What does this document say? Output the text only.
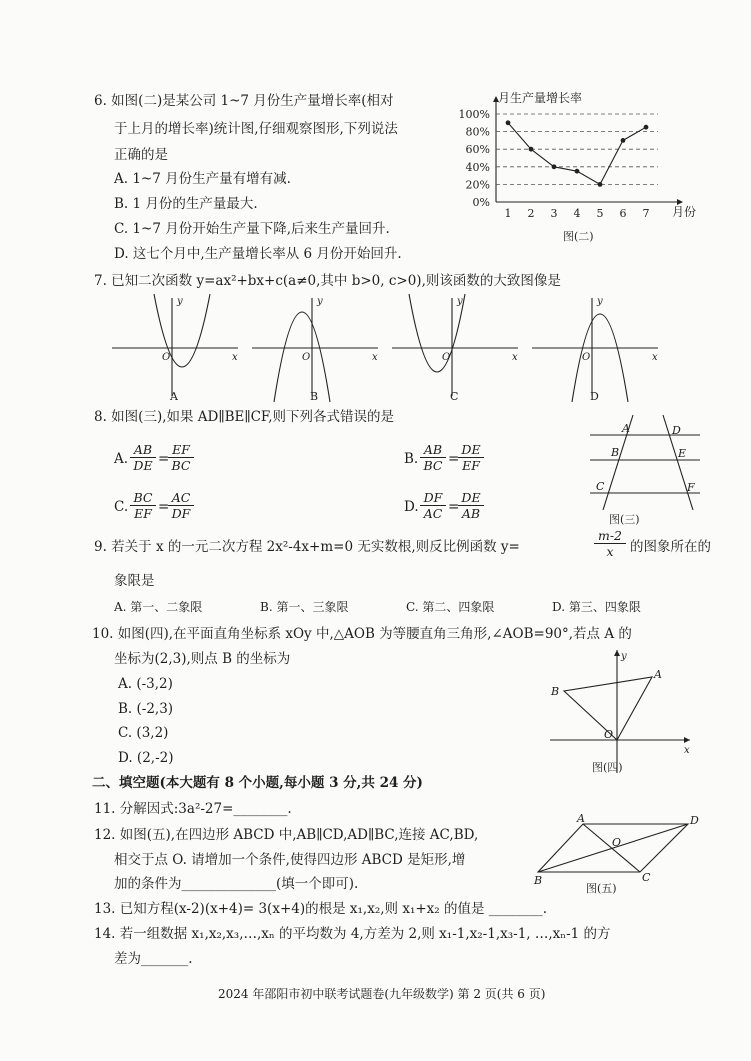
6. 如图(二)是某公司 1~7 月份生产量增长率(相对
于上月的增长率)统计图,仔细观察图形,下列说法
正确的是
A. 1~7 月份生产量有增有减.
B. 1 月份的生产量最大.
C. 1~7 月份开始生产量下降,后来生产量回升.
D. 这七个月中,生产量增长率从 6 月份开始回升.
月生产量增长率
月份
图(二)
0%
20%
40%
60%
80%
100%
1 2 3 4 5 6 7
7. 已知二次函数 y=ax²+bx+c(a≠0,其中 b>0, c>0),则该函数的大致图像是
y
x
O
A
y
x
O
B
y
x
O
C
y
x
O
D
8. 如图(三),如果 AD∥BE∥CF,则下列各式错误的是
A. $\frac{AB}{DE}$ =
$\frac{EF}{BC}$	B. $\frac{AB}{BC}$ =
$\frac{DE}{EF}$
C. $\frac{BC}{EF}$ =
$\frac{AC}{DF}$	D. $\frac{DF}{AC}$ =
$\frac{DE}{AB}$
A	D
B	E
C	F
图(三)
9. 若关于 x 的一元二次方程 2x²-4x+m=0 无实数根,则反比例函数 y=	$\frac{m-2}{x}$ 的图象所在的
象限是
A. 第一、二象限	B. 第一、三象限	C. 第二、四象限	D. 第三、四象限
10. 如图(四),在平面直角坐标系 xOy 中,△AOB 为等腰直角三角形,∠AOB=90°,若点 A 的
坐标为(2,3),则点 B 的坐标为
A. (-3,2)
B. (-2,3)
C. (3,2)
D. (2,-2)
y
x
A
B
O
图(四)
二、填空题(本大题有 8 个小题,每小题 3 分,共 24 分)
11. 分解因式:3a²-27=________.
12. 如图(五),在四边形 ABCD 中,AB∥CD,AD∥BC,连接 AC,BD,
相交于点 O. 请增加一个条件,使得四边形 ABCD 是矩形,增
加的条件为______________(填一个即可).
A	D
B	C
O
图(五)
13. 已知方程(x-2)(x+4)= 3(x+4)的根是 x₁,x₂,则 x₁+x₂ 的值是 ________.
14. 若一组数据 x₁,x₂,x₃,…,xₙ 的平均数为 4,方差为 2,则 x₁-1,x₂-1,x₃-1, …,xₙ-1 的方
差为_______.
2024 年邵阳市初中联考试题卷(九年级数学) 第 2 页(共 6 页)
